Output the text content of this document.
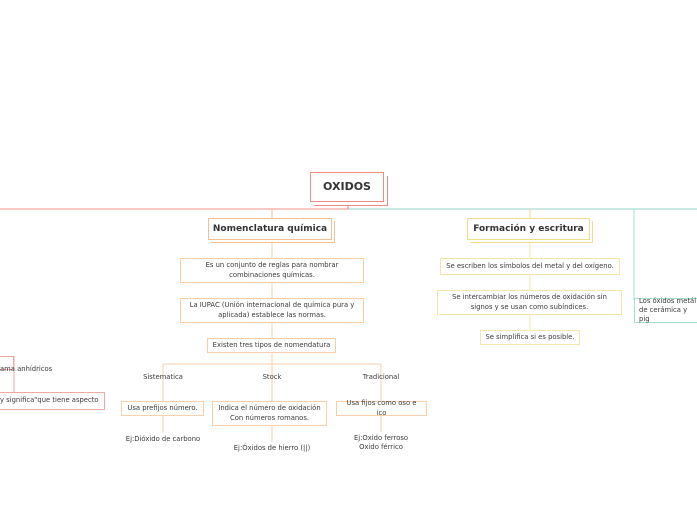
OXIDOS
Nomenclatura química	Formación y escritura
Es un conjunto de reglas para nombrar combinaciones químicas.
La IUPAC (Unión internacional de química pura y aplicada) establece las normas.
Existen tres tipos de nomendatura
Sistematica	Stock	Tradicional
Usa prefijos número.	Indica el número de oxidación Con números romanos.
Usa fijos como oso e ico
Ej:Dióxido de carbono
Ej:Óxidos de hierro (||)
Ej:Oxido ferroso
Oxido férrico
Se escriben los símbolos del metal y del oxígeno.
Se intercambiar los números de oxidación sin signos y se usan como subíndices.
Se simplifica si es posible.
Los óxidos metál de cerámica y pig
ama anhídricos
y significa"que tiene aspecto
